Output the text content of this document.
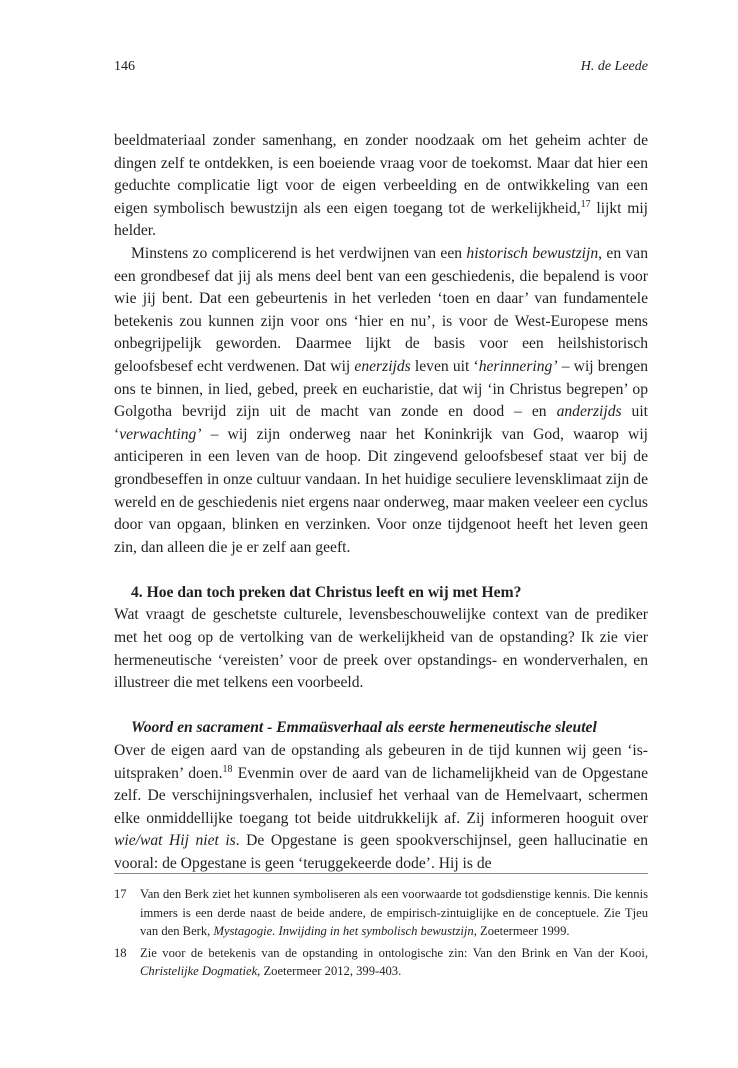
146	H. de Leede

beeldmateriaal zonder samenhang, en zonder noodzaak om het geheim achter de dingen zelf te ontdekken, is een boeiende vraag voor de toekomst. Maar dat hier een geduchte complicatie ligt voor de eigen verbeelding en de ontwikkeling van een eigen symbolisch bewustzijn als een eigen toegang tot de werkelijkheid,$^{17}$ lijkt mij helder.

Minstens zo complicerend is het verdwijnen van een historisch bewustzijn, en van een grondbesef dat jij als mens deel bent van een geschiedenis, die bepalend is voor wie jij bent. Dat een gebeurtenis in het verleden ‘toen en daar’ van fundamentele betekenis zou kunnen zijn voor ons ‘hier en nu’, is voor de West-Europese mens onbegrijpelijk geworden. Daarmee lijkt de basis voor een heilshistorisch geloofsbesef echt verdwenen. Dat wij enerzijds leven uit ‘herinnering’ – wij brengen ons te binnen, in lied, gebed, preek en eucharistie, dat wij ‘in Christus begrepen’ op Golgotha bevrijd zijn uit de macht van zonde en dood – en anderzijds uit ‘verwachting’ – wij zijn onderweg naar het Koninkrijk van God, waarop wij anticiperen in een leven van de hoop. Dit zingevend geloofsbesef staat ver bij de grondbeseffen in onze cultuur vandaan. In het huidige seculiere levensklimaat zijn de wereld en de geschiedenis niet ergens naar onderweg, maar maken veeleer een cyclus door van opgaan, blinken en verzinken. Voor onze tijdgenoot heeft het leven geen zin, dan alleen die je er zelf aan geeft.

4. Hoe dan toch preken dat Christus leeft en wij met Hem?

Wat vraagt de geschetste culturele, levensbeschouwelijke context van de prediker met het oog op de vertolking van de werkelijkheid van de opstanding? Ik zie vier hermeneutische ‘vereisten’ voor de preek over opstandings- en wonderverhalen, en illustreer die met telkens een voorbeeld.

Woord en sacrament - Emmaüsverhaal als eerste hermeneutische sleutel

Over de eigen aard van de opstanding als gebeuren in de tijd kunnen wij geen ‘is-uitspraken’ doen.$^{18}$ Evenmin over de aard van de lichamelijkheid van de Opgestane zelf. De verschijningsverhalen, inclusief het verhaal van de Hemelvaart, schermen elke onmiddellijke toegang tot beide uitdrukkelijk af. Zij informeren hooguit over wie/wat Hij niet is. De Opgestane is geen spookverschijnsel, geen hallucinatie en vooral: de Opgestane is geen ‘teruggekeerde dode’. Hij is de

17	Van den Berk ziet het kunnen symboliseren als een voorwaarde tot godsdienstige kennis. Die kennis immers is een derde naast de beide andere, de empirisch-zintuiglijke en de conceptuele. Zie Tjeu van den Berk, Mystagogie. Inwijding in het symbolisch bewustzijn, Zoetermeer 1999.
18	Zie voor de betekenis van de opstanding in ontologische zin: Van den Brink en Van der Kooi, Christelijke Dogmatiek, Zoetermeer 2012, 399-403.
